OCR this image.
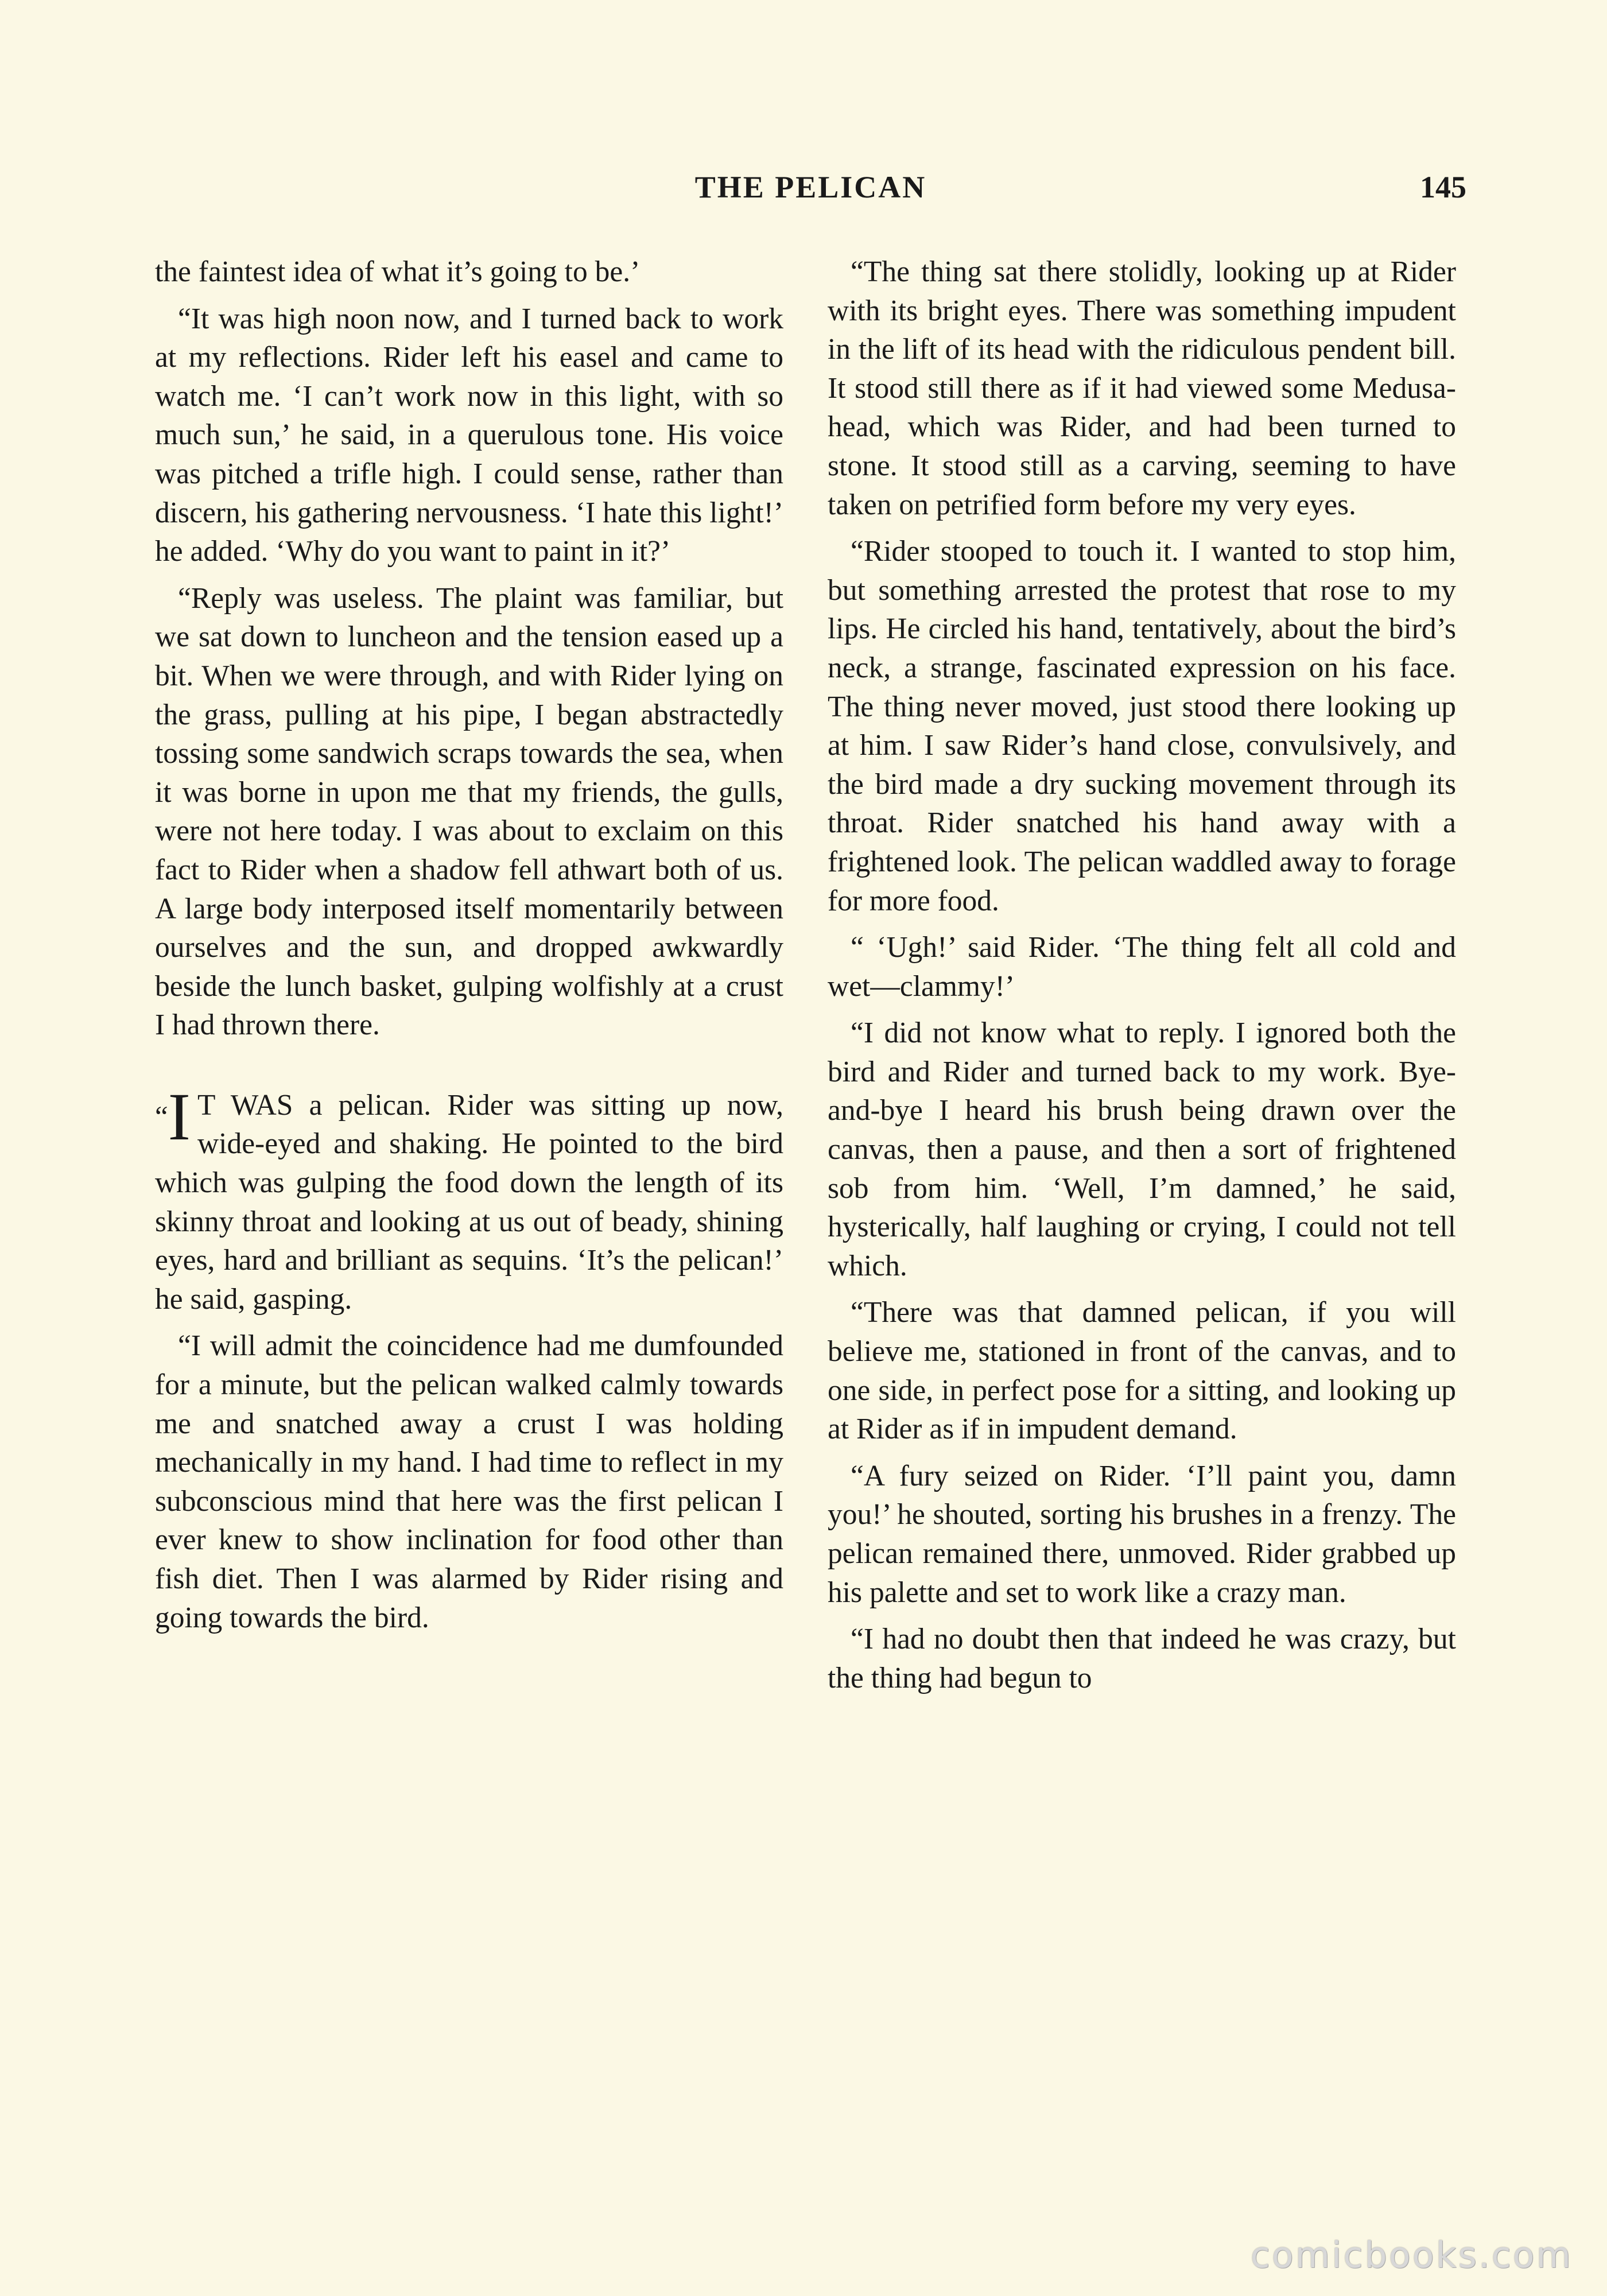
THE PELICAN	145

the faintest idea of what it’s going to be.’

“It was high noon now, and I turned back to work at my reflections. Rider left his easel and came to watch me. ‘I can’t work now in this light, with so much sun,’ he said, in a querulous tone. His voice was pitched a trifle high. I could sense, rather than discern, his gathering nervousness. ‘I hate this light!’ he added. ‘Why do you want to paint in it?’

“Reply was useless. The plaint was familiar, but we sat down to luncheon and the tension eased up a bit. When we were through, and with Rider lying on the grass, pulling at his pipe, I began abstractedly tossing some sandwich scraps towards the sea, when it was borne in upon me that my friends, the gulls, were not here today. I was about to exclaim on this fact to Rider when a shadow fell athwart both of us. A large body interposed itself momentarily between ourselves and the sun, and dropped awkwardly beside the lunch basket, gulping wolfishly at a crust I had thrown there.

“I T WAS a pelican. Rider was sitting up now, wide-eyed and shaking. He pointed to the bird which was gulping the food down the length of its skinny throat and looking at us out of beady, shining eyes, hard and brilliant as sequins. ‘It’s the pelican!’ he said, gasping.

“I will admit the coincidence had me dumfounded for a minute, but the pelican walked calmly towards me and snatched away a crust I was holding mechanically in my hand. I had time to reflect in my subconscious mind that here was the first pelican I ever knew to show inclination for food other than fish diet. Then I was alarmed by Rider rising and going towards the bird.

“The thing sat there stolidly, looking up at Rider with its bright eyes. There was something impudent in the lift of its head with the ridiculous pendent bill. It stood still there as if it had viewed some Medusa-head, which was Rider, and had been turned to stone. It stood still as a carving, seeming to have taken on petrified form before my very eyes.

“Rider stooped to touch it. I wanted to stop him, but something arrested the protest that rose to my lips. He circled his hand, tentatively, about the bird’s neck, a strange, fascinated expression on his face. The thing never moved, just stood there looking up at him. I saw Rider’s hand close, convulsively, and the bird made a dry sucking movement through its throat. Rider snatched his hand away with a frightened look. The pelican waddled away to forage for more food.

“ ‘Ugh!’ said Rider. ‘The thing felt all cold and wet—clammy!’

“I did not know what to reply. I ignored both the bird and Rider and turned back to my work. Bye-and-bye I heard his brush being drawn over the canvas, then a pause, and then a sort of frightened sob from him. ‘Well, I’m damned,’ he said, hysterically, half laughing or crying, I could not tell which.

“There was that damned pelican, if you will believe me, stationed in front of the canvas, and to one side, in perfect pose for a sitting, and looking up at Rider as if in impudent demand.

“A fury seized on Rider. ‘I’ll paint you, damn you!’ he shouted, sorting his brushes in a frenzy. The pelican remained there, unmoved. Rider grabbed up his palette and set to work like a crazy man.

“I had no doubt then that indeed he was crazy, but the thing had begun to

comicbooks.com
